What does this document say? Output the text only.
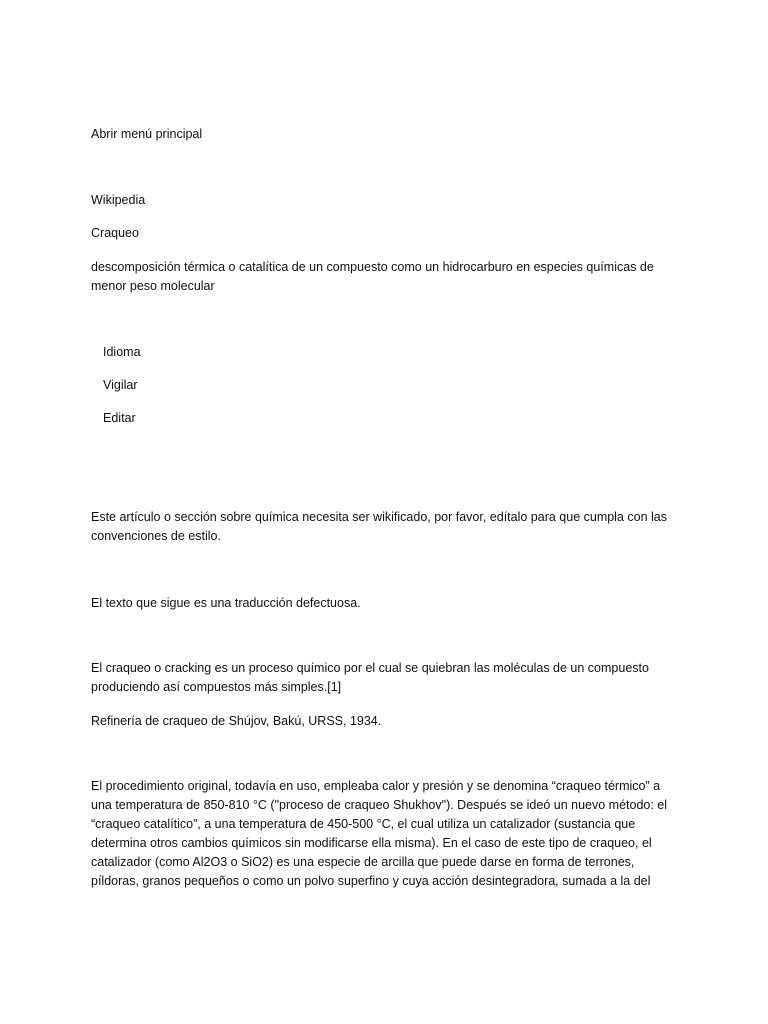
Abrir menú principal

Wikipedia

Craqueo

descomposición térmica o catalítica de un compuesto como un hidrocarburo en especies químicas de menor peso molecular

Idioma

Vigilar

Editar

Este artículo o sección sobre química necesita ser wikificado, por favor, edítalo para que cumpla con las convenciones de estilo.

El texto que sigue es una traducción defectuosa.

El craqueo o cracking es un proceso químico por el cual se quiebran las moléculas de un compuesto produciendo así compuestos más simples.[1]

Refinería de craqueo de Shújov, Bakú, URSS, 1934.

El procedimiento original, todavía en uso, empleaba calor y presión y se denomina “craqueo térmico” a una temperatura de 850-810 °C ("proceso de craqueo Shukhov"). Después se ideó un nuevo método: el “craqueo catalítico”, a una temperatura de 450-500 °C, el cual utiliza un catalizador (sustancia que determina otros cambios químicos sin modificarse ella misma). En el caso de este tipo de craqueo, el catalizador (como Al2O3 o SiO2) es una especie de arcilla que puede darse en forma de terrones, píldoras, granos pequeños o como un polvo superfino y cuya acción desintegradora, sumada a la del
